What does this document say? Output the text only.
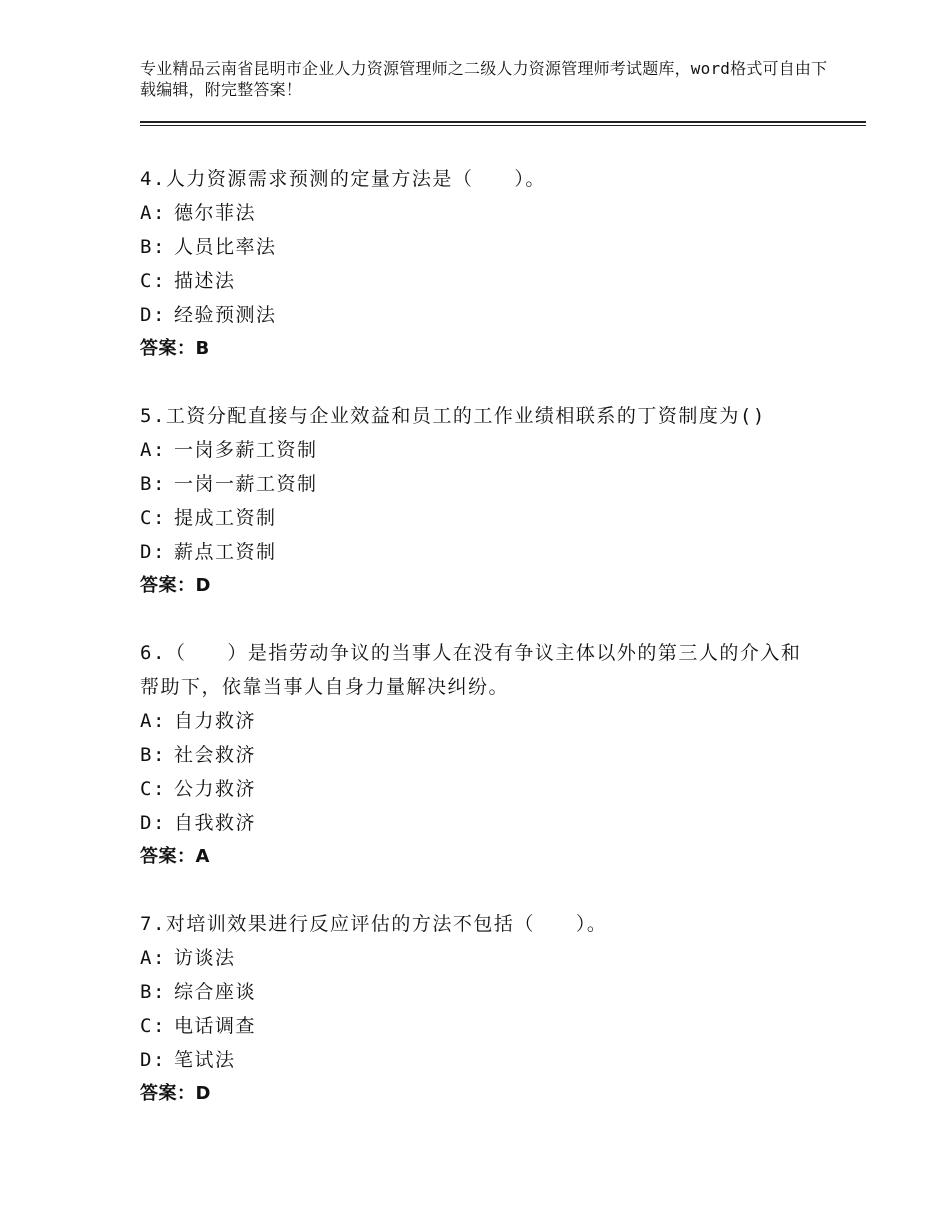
专业精品云南省昆明市企业人力资源管理师之二级人力资源管理师考试题库，word格式可自由下载编辑，附完整答案！
4.人力资源需求预测的定量方法是（　　）。
A: 德尔菲法
B: 人员比率法
C: 描述法
D: 经验预测法
答案：B
5.工资分配直接与企业效益和员工的工作业绩相联系的丁资制度为()
A: 一岗多薪工资制
B: 一岗一薪工资制
C: 提成工资制
D: 薪点工资制
答案：D
6.（　　）是指劳动争议的当事人在没有争议主体以外的第三人的介入和帮助下，依靠当事人自身力量解决纠纷。
A: 自力救济
B: 社会救济
C: 公力救济
D: 自我救济
答案：A
7.对培训效果进行反应评估的方法不包括（　　）。
A: 访谈法
B: 综合座谈
C: 电话调查
D: 笔试法
答案：D
